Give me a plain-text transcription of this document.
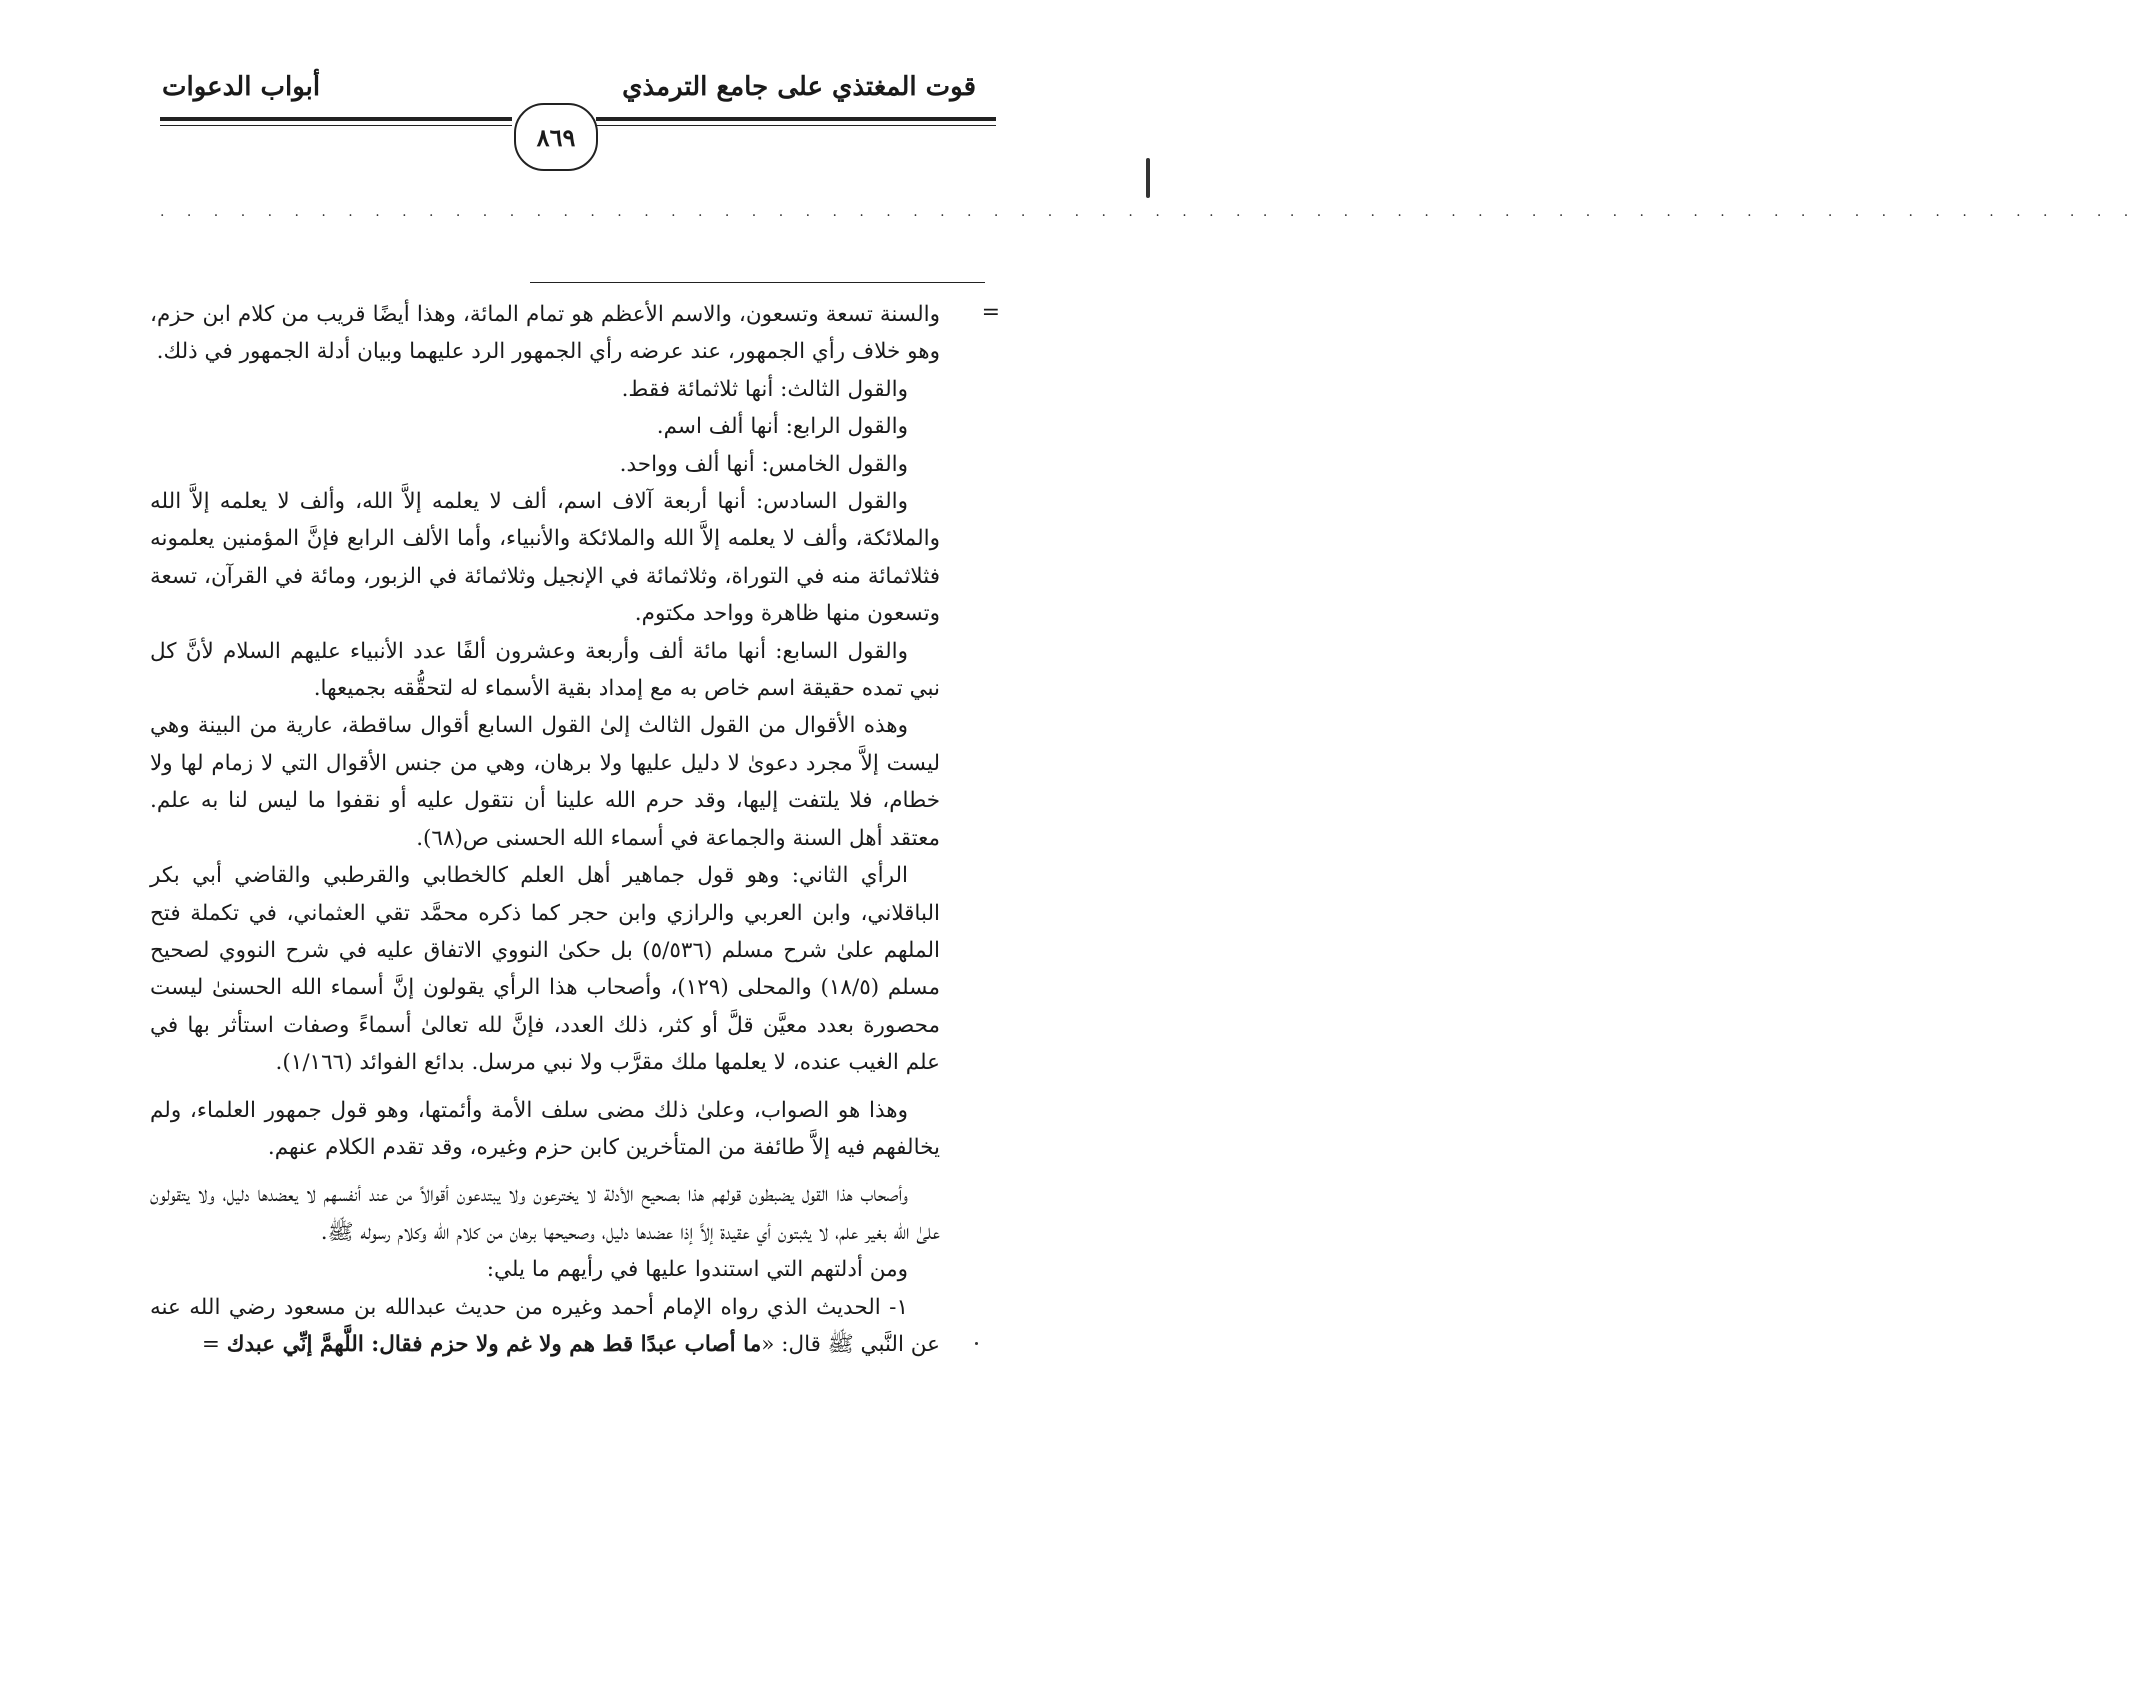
قوت المغتذي على جامع الترمذي
أبواب الدعوات
٨٦٩
. . . . . . . . . . . . . . . . . . . . . . . . . . . . . . . . . . . . . . . . . . . . . . . . . . . . . . . . . . . . . . . . . . . . . . . . . .
=

والسنة تسعة وتسعون، والاسم الأعظم هو تمام المائة، وهذا أيضًا قريب من كلام ابن حزم، وهو خلاف رأي الجمهور، عند عرضه رأي الجمهور الرد عليهما وبيان أدلة الجمهور في ذلك.

والقول الثالث: أنها ثلاثمائة فقط.

والقول الرابع: أنها ألف اسم.

والقول الخامس: أنها ألف وواحد.

والقول السادس: أنها أربعة آلاف اسم، ألف لا يعلمه إلاَّ الله، وألف لا يعلمه إلاَّ الله والملائكة، وألف لا يعلمه إلاَّ الله والملائكة والأنبياء، وأما الألف الرابع فإنَّ المؤمنين يعلمونه فثلاثمائة منه في التوراة، وثلاثمائة في الإنجيل وثلاثمائة في الزبور، ومائة في القرآن، تسعة وتسعون منها ظاهرة وواحد مكتوم.

والقول السابع: أنها مائة ألف وأربعة وعشرون ألفًا عدد الأنبياء عليهم السلام لأنَّ كل نبي تمده حقيقة اسم خاص به مع إمداد بقية الأسماء له لتحقُّقه بجميعها.

وهذه الأقوال من القول الثالث إلىٰ القول السابع أقوال ساقطة، عارية من البينة وهي ليست إلاَّ مجرد دعوىٰ لا دليل عليها ولا برهان، وهي من جنس الأقوال التي لا زمام لها ولا خطام، فلا يلتفت إليها، وقد حرم الله علينا أن نتقول عليه أو نقفوا ما ليس لنا به علم. معتقد أهل السنة والجماعة في أسماء الله الحسنى ص(٦٨).

الرأي الثاني: وهو قول جماهير أهل العلم كالخطابي والقرطبي والقاضي أبي بكر الباقلاني، وابن العربي والرازي وابن حجر كما ذكره محمَّد تقي العثماني، في تكملة فتح الملهم علىٰ شرح مسلم (٥/٥٣٦) بل حكىٰ النووي الاتفاق عليه في شرح النووي لصحيح مسلم (١٨/٥) والمحلى (١٢٩)، وأصحاب هذا الرأي يقولون إنَّ أسماء الله الحسنىٰ ليست محصورة بعدد معيَّن قلَّ أو كثر، ذلك العدد، فإنَّ لله تعالىٰ أسماءً وصفات استأثر بها في علم الغيب عنده، لا يعلمها ملك مقرَّب ولا نبي مرسل. بدائع الفوائد (١/١٦٦).

وهذا هو الصواب، وعلىٰ ذلك مضى سلف الأمة وأئمتها، وهو قول جمهور العلماء، ولم يخالفهم فيه إلاَّ طائفة من المتأخرين كابن حزم وغيره، وقد تقدم الكلام عنهم.

وأصحاب هذا القول يضبطون قولهم هذا بصحيح الأدلة لا يخترعون ولا يبتدعون أقوالاً من عند أنفسهم لا يعضدها دليل، ولا يتقولون علىٰ الله بغير علم، لا يثبتون أي عقيدة إلاَّ إذا عضدها دليل، وصحيحها برهان من كلام الله وكلام رسوله ﷺ.

ومن أدلتهم التي استندوا عليها في رأيهم ما يلي:

١- الحديث الذي رواه الإمام أحمد وغيره من حديث عبدالله بن مسعود رضي الله عنه عن النَّبي ﷺ قال: «ما أصاب عبدًا قط هم ولا غم ولا حزم فقال: اللَّهمَّ إنِّي عبدك =
